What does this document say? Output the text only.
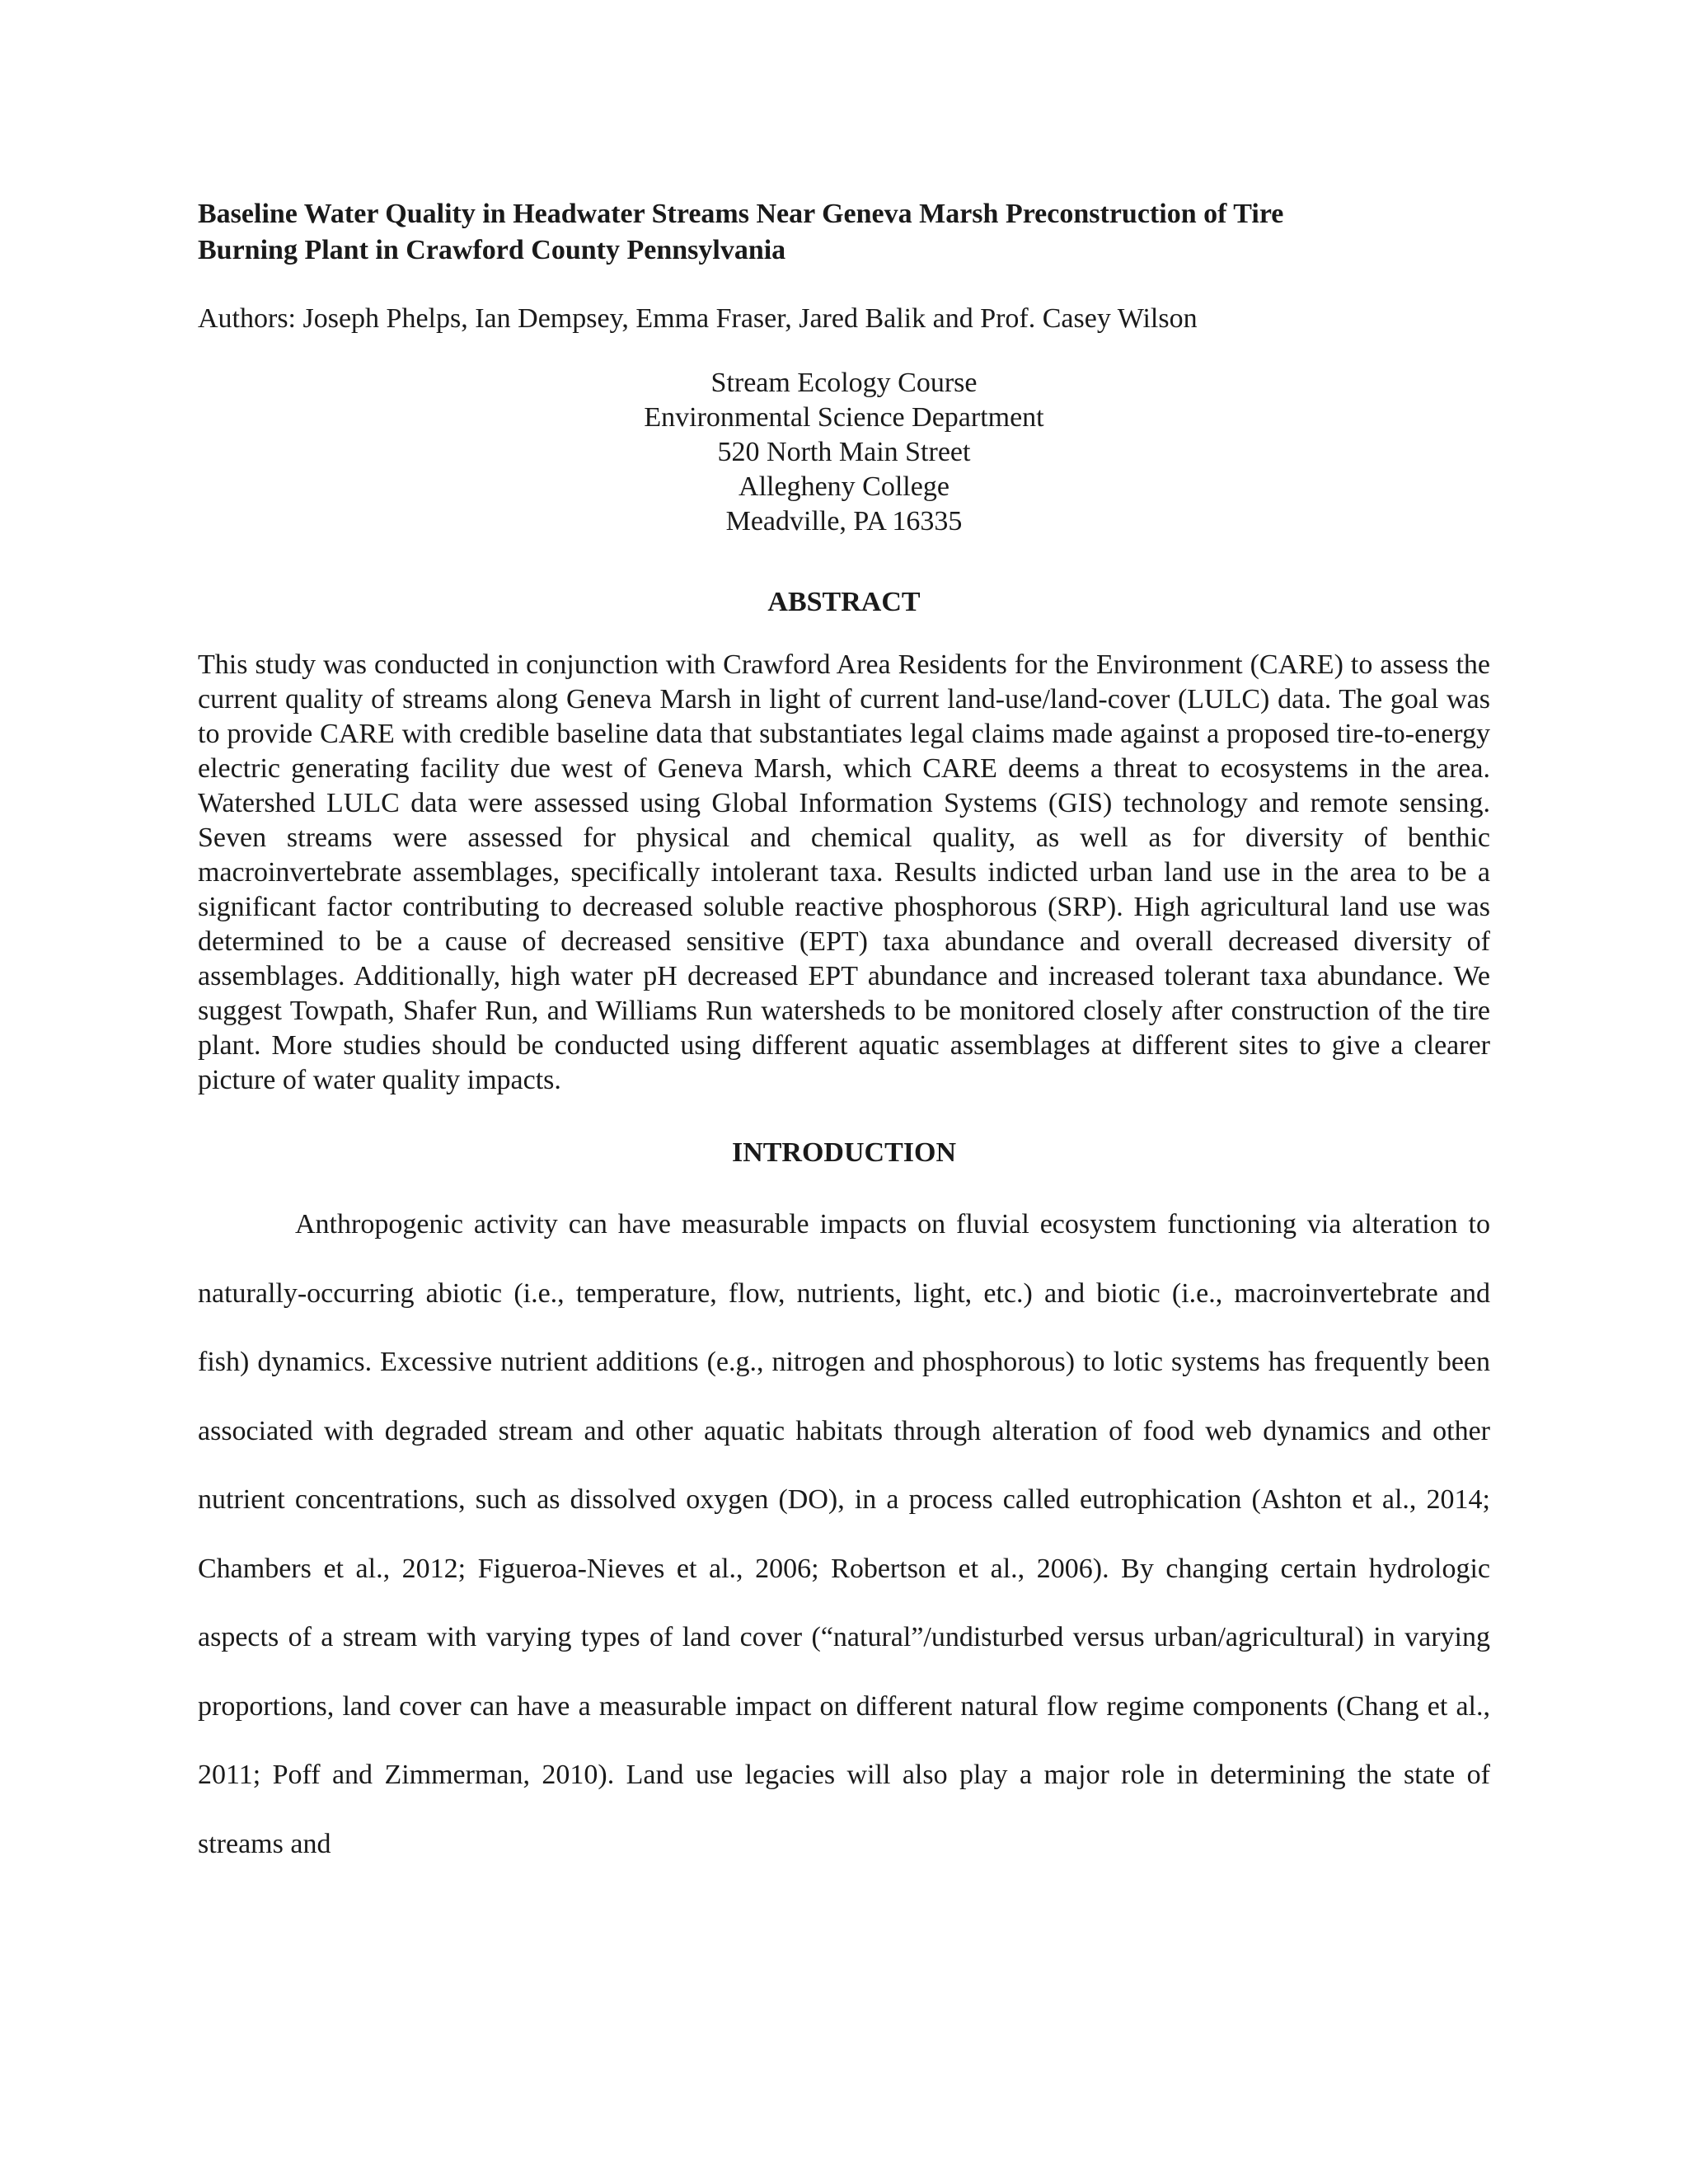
Baseline Water Quality in Headwater Streams Near Geneva Marsh Preconstruction of Tire
Burning Plant in Crawford County Pennsylvania

Authors: Joseph Phelps, Ian Dempsey, Emma Fraser, Jared Balik and Prof. Casey Wilson

Stream Ecology Course
Environmental Science Department
520 North Main Street
Allegheny College
Meadville, PA 16335
ABSTRACT

This study was conducted in conjunction with Crawford Area Residents for the Environment (CARE) to assess the current quality of streams along Geneva Marsh in light of current land-use/land-cover (LULC) data. The goal was to provide CARE with credible baseline data that substantiates legal claims made against a proposed tire-to-energy electric generating facility due west of Geneva Marsh, which CARE deems a threat to ecosystems in the area. Watershed LULC data were assessed using Global Information Systems (GIS) technology and remote sensing. Seven streams were assessed for physical and chemical quality, as well as for diversity of benthic macroinvertebrate assemblages, specifically intolerant taxa. Results indicted urban land use in the area to be a significant factor contributing to decreased soluble reactive phosphorous (SRP). High agricultural land use was determined to be a cause of decreased sensitive (EPT) taxa abundance and overall decreased diversity of assemblages. Additionally, high water pH decreased EPT abundance and increased tolerant taxa abundance. We suggest Towpath, Shafer Run, and Williams Run watersheds to be monitored closely after construction of the tire plant. More studies should be conducted using different aquatic assemblages at different sites to give a clearer picture of water quality impacts.

INTRODUCTION

Anthropogenic activity can have measurable impacts on fluvial ecosystem functioning via alteration to naturally-occurring abiotic (i.e., temperature, flow, nutrients, light, etc.) and biotic (i.e., macroinvertebrate and fish) dynamics. Excessive nutrient additions (e.g., nitrogen and phosphorous) to lotic systems has frequently been associated with degraded stream and other aquatic habitats through alteration of food web dynamics and other nutrient concentrations, such as dissolved oxygen (DO), in a process called eutrophication (Ashton et al., 2014; Chambers et al., 2012; Figueroa-Nieves et al., 2006; Robertson et al., 2006). By changing certain hydrologic aspects of a stream with varying types of land cover (“natural”/undisturbed versus urban/agricultural) in varying proportions, land cover can have a measurable impact on different natural flow regime components (Chang et al., 2011; Poff and Zimmerman, 2010). Land use legacies will also play a major role in determining the state of streams and
